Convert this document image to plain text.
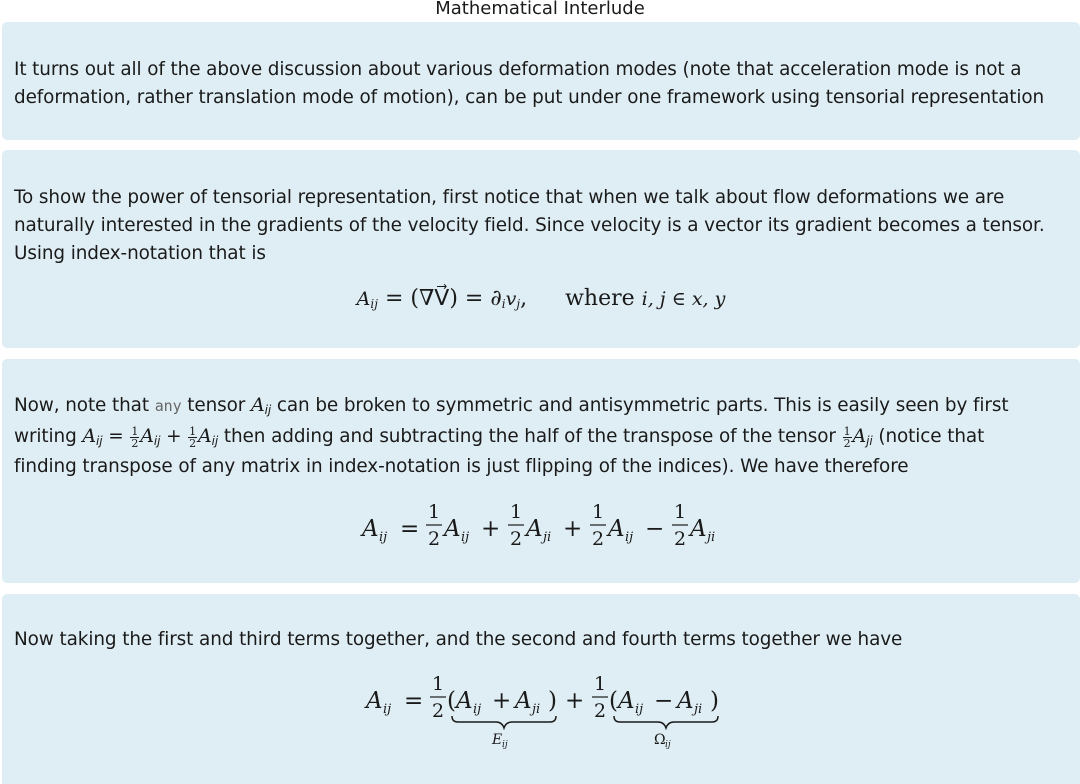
Mathematical Interlude

It turns out all of the above discussion about various deformation modes (note that acceleration mode is not a deformation, rather translation mode of motion), can be put under one framework using tensorial representation

To show the power of tensorial representation, first notice that when we talk about flow deformations we are
naturally interested in the gradients of the velocity field. Since velocity is a vector its gradient becomes a tensor.
Using index-notation that is
$A_{ij}$ = (∇V⃗) = $\partial_iv_j$, where i, j ∈ x, y
Now, note that any tensor $A_{ij}$ can be broken to symmetric and antisymmetric parts. This is easily seen by first
writing $A_{ij} = \frac{1}{2} A_{ij} + \frac{1}{2} A_{ij}$ then adding and subtracting the half of the transpose of the tensor $\frac{1}{2} A_{ji}$ (notice that
finding transpose of any matrix in index-notation is just flipping of the indices). We have therefore
A ij =
1
2 A ij +
1
2 A ji +
1
2 A ij −
1
2 A ji

Now taking the first and third terms together, and the second and fourth terms together we have

A ij =
1
2 ( A ij + A ji )
E ij
+
1
2 ( A ij − A ji )
Ω ij
